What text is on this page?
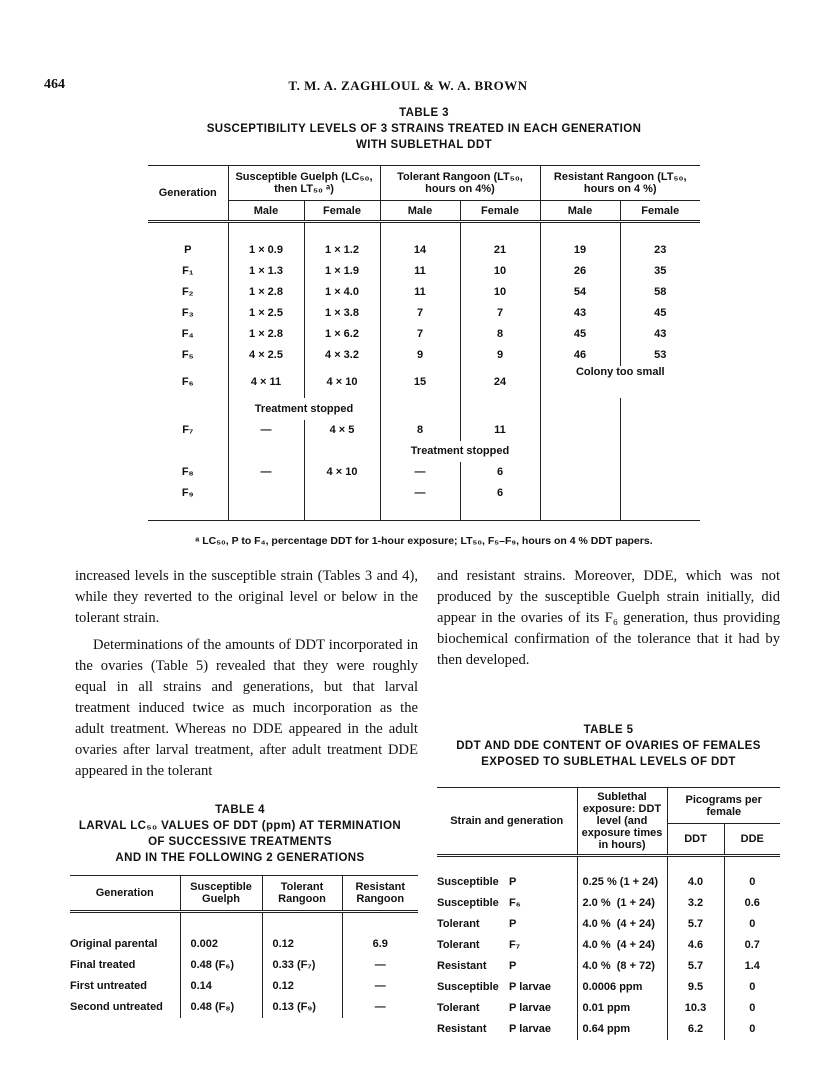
464	T. M. A. ZAGHLOUL & W. A. BROWN
TABLE 3
SUSCEPTIBILITY LEVELS OF 3 STRAINS TREATED IN EACH GENERATION
WITH SUBLETHAL DDT
Generation	Susceptible Guelph (LC₅₀, then LT₅₀ ᵃ)		Tolerant Rangoon (LT₅₀, hours on 4%)		Resistant Rangoon (LT₅₀, hours on 4 %)	
	Male	Female	Male	Female	Male	Female

P	1 × 0.9	1 × 1.2	14	21	19	23
F₁	1 × 1.3	1 × 1.9	11	10	26	35
F₂	1 × 2.8	1 × 4.0	11	10	54	58
F₃	1 × 2.5	1 × 3.8	7	7	43	45
F₄	1 × 2.8	1 × 6.2	7	8	45	43
F₅	4 × 2.5	4 × 3.2	9	9	46	53
F₆	4 × 11	4 × 10	15	24	Colony too small	
	Treatment stopped					
F₇	—	4 × 5	8	11		
			Treatment stopped			
F₈	—	4 × 10	—	6		
F₉			—	6		

ᵃ LC₅₀, P to F₄, percentage DDT for 1-hour exposure; LT₅₀, F₅–F₉, hours on 4 % DDT papers.

increased levels in the susceptible strain (Tables 3 and 4), while they reverted to the original level or below in the tolerant strain.

Determinations of the amounts of DDT incorporated in the ovaries (Table 5) revealed that they were roughly equal in all strains and generations, but that larval treatment induced twice as much incorporation as the adult treatment. Whereas no DDE appeared in the adult ovaries after larval treatment, after adult treatment DDE appeared in the tolerant

and resistant strains. Moreover, DDE, which was not produced by the susceptible Guelph strain initially, did appear in the ovaries of its F₆ generation, thus providing biochemical confirmation of the tolerance that it had by then developed.

TABLE 5
DDT AND DDE CONTENT OF OVARIES OF FEMALES
EXPOSED TO SUBLETHAL LEVELS OF DDT
Strain and generation	Sublethal exposure: DDT level (and exposure times in hours)	Picograms per female	
		DDT	DDE

Susceptible P	0.25 % (1 + 24)	4.0	0
Susceptible F₆	2.0 %  (1 + 24)	3.2	0.6
Tolerant P	4.0 %  (4 + 24)	5.7	0
Tolerant F₇	4.0 %  (4 + 24)	4.6	0.7
Resistant P	4.0 %  (8 + 72)	5.7	1.4
Susceptible P larvae	0.0006 ppm	9.5	0
Tolerant P larvae	0.01 ppm	10.3	0
Resistant P larvae	0.64 ppm	6.2	0
TABLE 4
LARVAL LC₅₀ VALUES OF DDT (ppm) AT TERMINATION
OF SUCCESSIVE TREATMENTS
AND IN THE FOLLOWING 2 GENERATIONS
Generation	Susceptible Guelph	Tolerant Rangoon	Resistant Rangoon

Original parental	0.002	0.12	6.9
Final treated	0.48 (F₆)	0.33 (F₇)	—
First untreated	0.14	0.12	—
Second untreated	0.48 (F₈)	0.13 (F₉)	—
